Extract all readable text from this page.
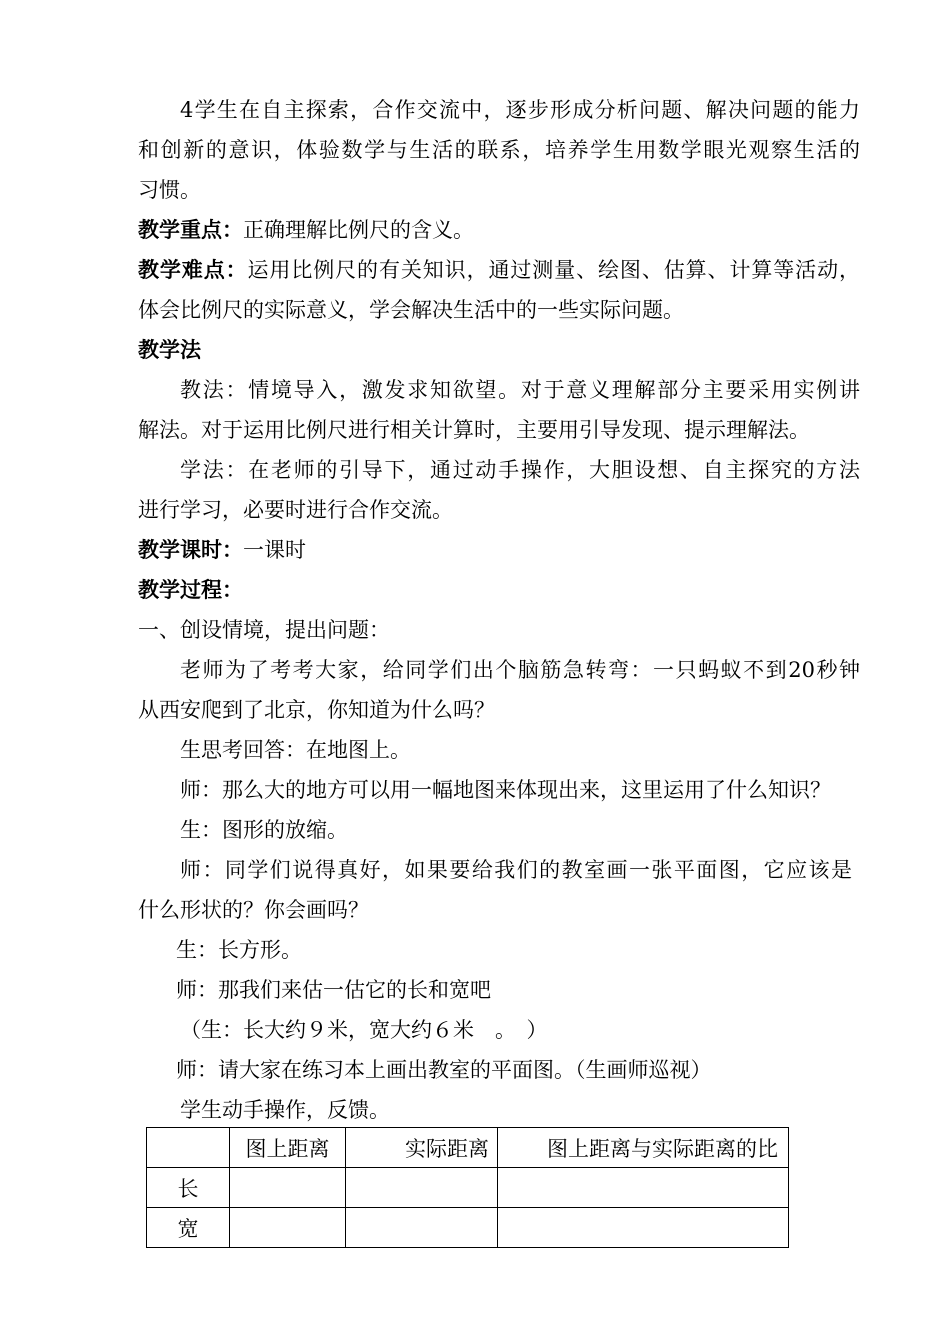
4学生在自主探索，合作交流中，逐步形成分析问题、解决问题的能力
和创新的意识，体验数学与生活的联系，培养学生用数学眼光观察生活的
习惯。
教学重点：正确理解比例尺的含义。
教学难点：运用比例尺的有关知识，通过测量、绘图、估算、计算等活动，
体会比例尺的实际意义，学会解决生活中的一些实际问题。
教学法
教法：情境导入，激发求知欲望。对于意义理解部分主要采用实例讲
解法。对于运用比例尺进行相关计算时，主要用引导发现、提示理解法。
学法：在老师的引导下，通过动手操作，大胆设想、自主探究的方法
进行学习，必要时进行合作交流。
教学课时：一课时
教学过程：
一、创设情境，提出问题：
老师为了考考大家，给同学们出个脑筋急转弯：一只蚂蚁不到20秒钟
从西安爬到了北京，你知道为什么吗？
生思考回答：在地图上。
师：那么大的地方可以用一幅地图来体现出来，这里运用了什么知识？
生：图形的放缩。
师：同学们说得真好，如果要给我们的教室画一张平面图，它应该是
什么形状的？你会画吗？
生：长方形。
师：那我们来估一估它的长和宽吧
（生：长大约９米，宽大约６米　。　）
师：请大家在练习本上画出教室的平面图。（生画师巡视）
学生动手操作，反馈。
	图上距离	实际距离	图上距离与实际距离的比
长			
宽			
